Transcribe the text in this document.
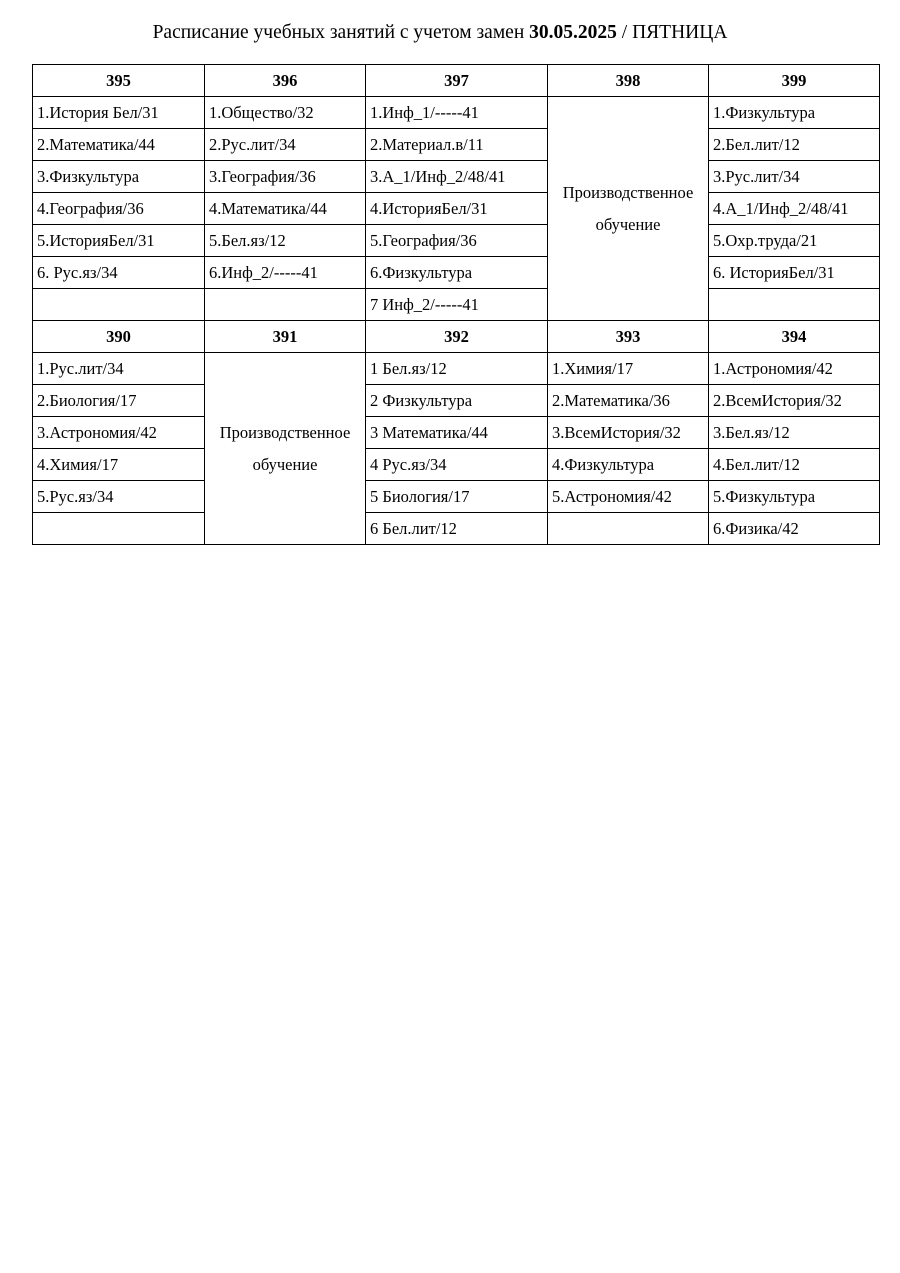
Расписание учебных занятий с учетом замен 30.05.2025 / ПЯТНИЦА
395	396	397	398	399
1.История Бел/31	1.Общество/32	1.Инф_1/-----41	Производственное обучение	1.Физкультура
2.Математика/44	2.Рус.лит/34	2.Материал.в/11		2.Бел.лит/12
3.Физкультура	3.География/36	3.А_1/Инф_2/48/41		3.Рус.лит/34
4.География/36	4.Математика/44	4.ИсторияБел/31		4.А_1/Инф_2/48/41
5.ИсторияБел/31	5.Бел.яз/12	5.География/36		5.Охр.труда/21
6. Рус.яз/34	6.Инф_2/-----41	6.Физкультура		6. ИсторияБел/31
		7 Инф_2/-----41		
390	391	392	393	394
1.Рус.лит/34	Производственное обучение	1 Бел.яз/12	1.Химия/17	1.Астрономия/42
2.Биология/17		2 Физкультура	2.Математика/36	2.ВсемИстория/32
3.Астрономия/42		3 Математика/44	3.ВсемИстория/32	3.Бел.яз/12
4.Химия/17		4 Рус.яз/34	4.Физкультура	4.Бел.лит/12
5.Рус.яз/34		5 Биология/17	5.Астрономия/42	5.Физкультура
		6 Бел.лит/12		6.Физика/42
